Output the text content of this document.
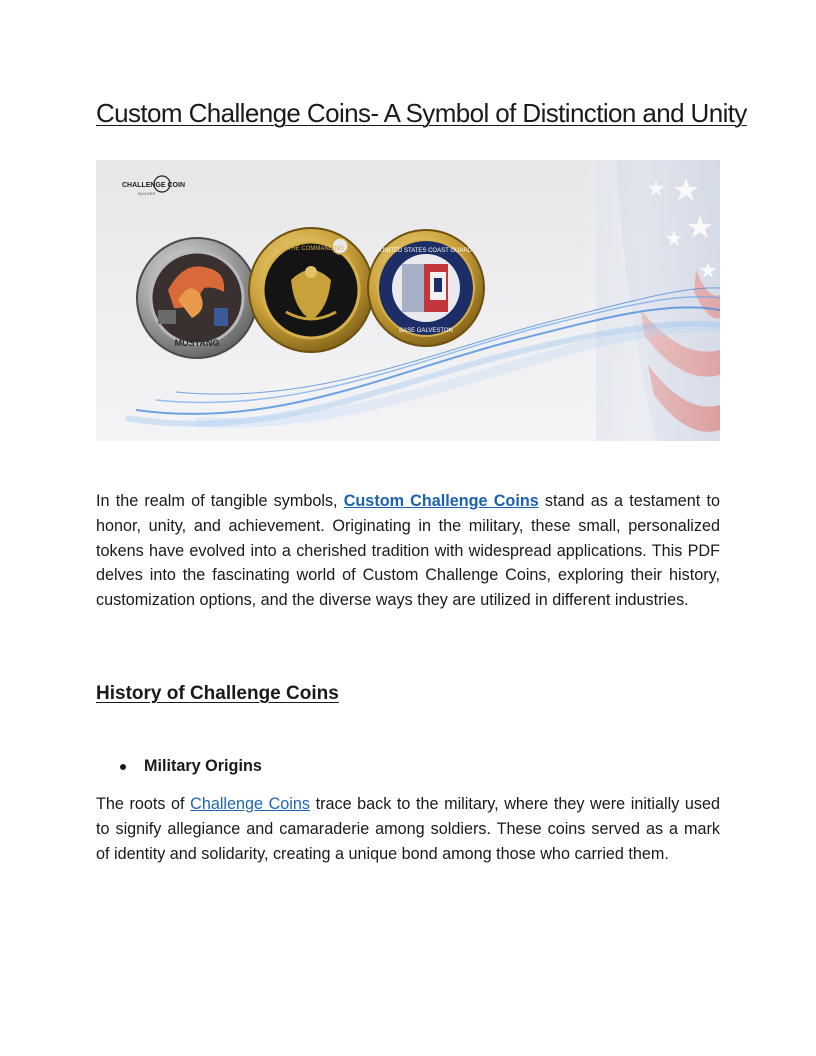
Custom Challenge Coins- A Symbol of Distinction and Unity
CHALLENGE COIN
BUILDER
MUSTANG
BY THE COMMANDING	UNITED STATES COAST GUARD
BASE GALVESTON

In the realm of tangible symbols, Custom Challenge Coins stand as a testament to honor, unity, and achievement. Originating in the military, these small, personalized tokens have evolved into a cherished tradition with widespread applications. This PDF delves into the fascinating world of Custom Challenge Coins, exploring their history, customization options, and the diverse ways they are utilized in different industries.

History of Challenge Coins
Military Origins

The roots of Challenge Coins trace back to the military, where they were initially used to signify allegiance and camaraderie among soldiers. These coins served as a mark of identity and solidarity, creating a unique bond among those who carried them.
